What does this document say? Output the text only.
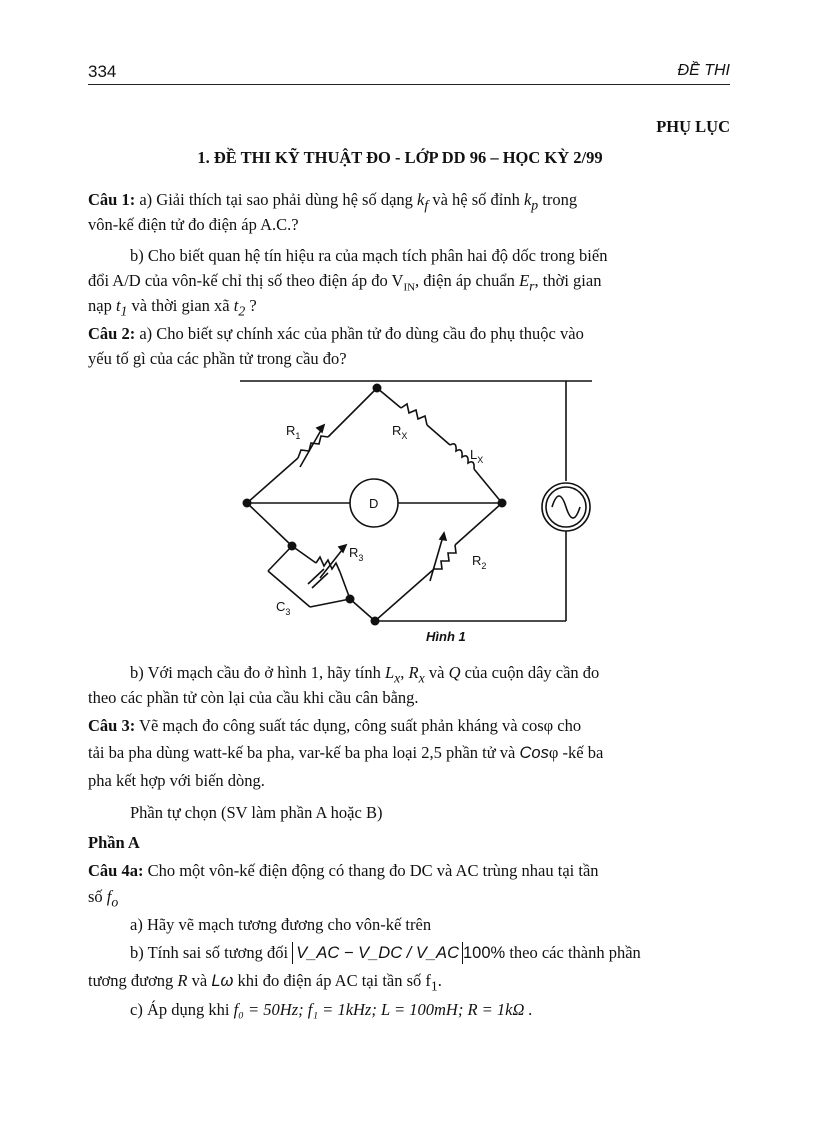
334	ĐỀ THI
PHỤ LỤC
1. ĐỀ THI KỸ THUẬT ĐO - LỚP DD 96 – HỌC KỲ 2/99
Câu 1: a) Giải thích tại sao phải dùng hệ số dạng $k_f$ và hệ số đỉnh $k_p$ trong
vôn-kế điện tử đo điện áp A.C.?
b) Cho biết quan hệ tín hiệu ra của mạch tích phân hai độ dốc trong biến
đổi A/D của vôn-kế chỉ thị số theo điện áp đo $V_{IN}$, điện áp chuẩn $E_r$, thời gian
nạp $t_1$ và thời gian xã $t_2$ ?
Câu 2: a) Cho biết sự chính xác của phần tử đo dùng cầu đo phụ thuộc vào
yếu tố gì của các phần tử trong cầu đo?
$R_1$	$R_X$
$L_X$
D
$R_3$	$R_2$
$C_3$
Hình 1
b) Với mạch cầu đo ở hình 1, hãy tính $L_x$, $R_x$ và Q của cuộn dây cần đo
theo các phần tử còn lại của cầu khi cầu cân bằng.
Câu 3: Vẽ mạch đo công suất tác dụng, công suất phản kháng và cosφ cho
tải ba pha dùng watt-kế ba pha, var-kế ba pha loại 2,5 phần tử và Cosφ -kế ba
pha kết hợp với biến dòng.
Phần tự chọn (SV làm phần A hoặc B)
Phần A
Câu 4a: Cho một vôn-kế điện động có thang đo DC và AC trùng nhau tại tần
số $f_o$
a) Hãy vẽ mạch tương đương cho vôn-kế trên
b) Tính sai số tương đối V_AC − V_DC / V_AC 100% theo các thành phần
tương đương R và Lω khi đo điện áp AC tại tần số $f_1$.
c) Áp dụng khi f₀ = 50Hz; f₁ = 1kHz; L = 100mH; R = 1kΩ .
